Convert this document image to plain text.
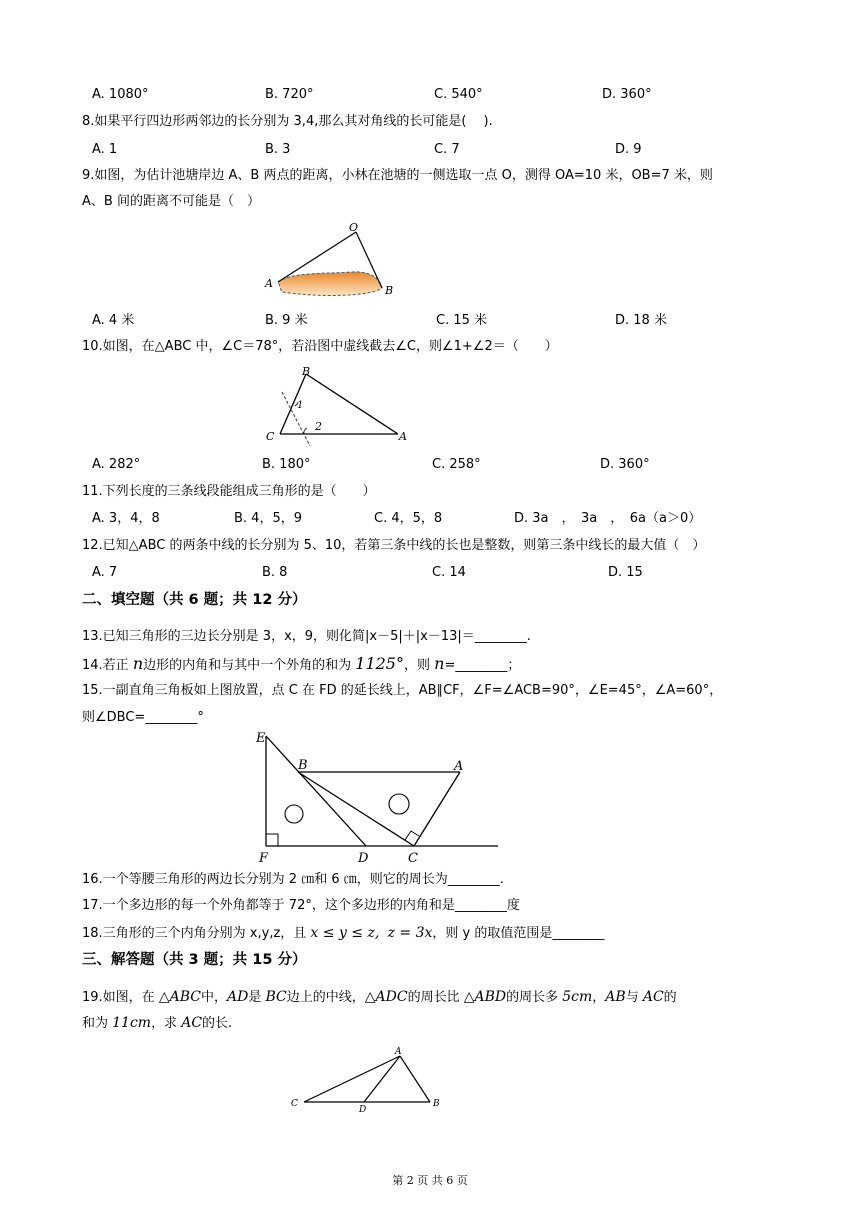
A. 1080°	B. 720°	C. 540°	D. 360°
8.如果平行四边形两邻边的长分别为 3,4,那么其对角线的长可能是(　 ).
A. 1	B. 3	C. 7	D. 9
9.如图，为估计池塘岸边 A、B 两点的距离，小林在池塘的一侧选取一点 O，测得 OA=10 米，OB=7 米，则
A、B 间的距离不可能是（　）
O
A
B
A. 4 米	B. 9 米	C. 15 米	D. 18 米
10.如图，在△ABC 中，∠C＝78°，若沿图中虚线截去∠C，则∠1+∠2＝（　　）
B
1
2
C	A
A. 282°	B. 180°	C. 258°	D. 360°
11.下列长度的三条线段能组成三角形的是（　　）
A. 3，4，8	B. 4，5，9	C. 4，5，8	D. 3a　，　3a　，　6a（a＞0）
12.已知△ABC 的两条中线的长分别为 5、10，若第三条中线的长也是整数，则第三条中线长的最大值（　）
A. 7	B. 8	C. 14	D. 15
二、填空题（共 6 题；共 12 分）
13.已知三角形的三边长分别是 3，x，9，则化简|x－5|＋|x－13|＝________.
14.若正 n边形的内角和与其中一个外角的和为 1125°，则 n=________；
15.一副直角三角板如上图放置，点 C 在 FD 的延长线上，AB∥CF，∠F=∠ACB=90°，∠E=45°，∠A=60°，
则∠DBC=________°
E
B	A
F	D	C
16.一个等腰三角形的两边长分别为 2 ㎝和 6 ㎝，则它的周长为________.
17.一个多边形的每一个外角都等于 72°，这个多边形的内角和是________度
18.三角形的三个内角分别为 x,y,z，且 x ≤ y ≤ z, z = 3x，则 y 的取值范围是________
三、解答题（共 3 题；共 15 分）
19.如图，在 △ABC中，AD是 BC边上的中线，△ADC的周长比 △ABD的周长多 5cm，AB与 AC的
和为 11cm，求 AC的长.
A
C
D
B
第 2 页 共 6 页
